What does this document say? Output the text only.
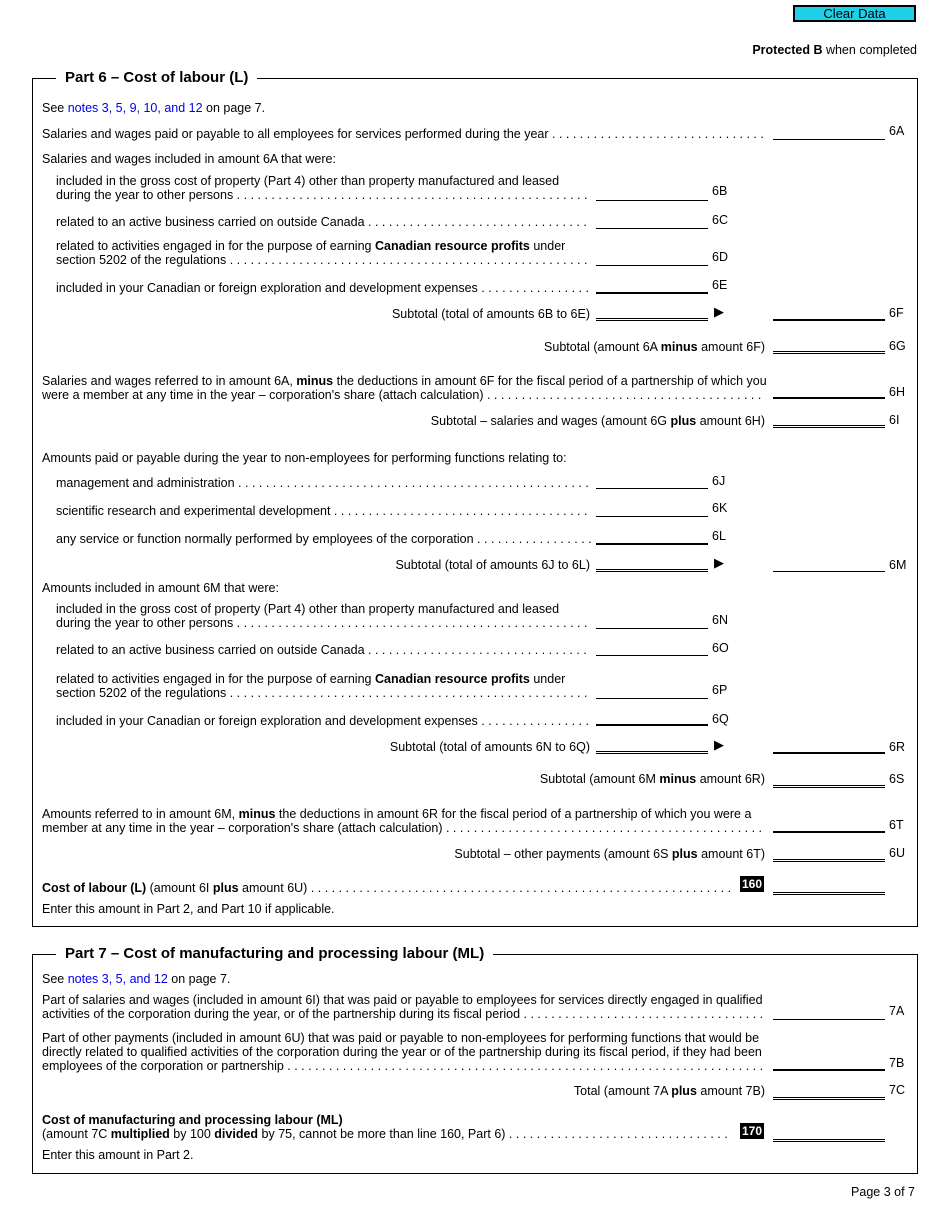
Clear Data
Protected B when completed
Part 6 – Cost of labour (L)
See notes 3, 5, 9, 10, and 12 on page 7.
Salaries and wages paid or payable to all employees for services performed during the year . . .	6A
Salaries and wages included in amount 6A that were:
included in the gross cost of property (Part 4) other than property manufactured and leased
during the year to other persons . . .	6B
related to an active business carried on outside Canada . . .	6C
related to activities engaged in for the purpose of earning Canadian resource profits under
section 5202 of the regulations . . .	6D
included in your Canadian or foreign exploration and development expenses . . .	6E
Subtotal (total of amounts 6B to 6E)	▶	6F
Subtotal (amount 6A minus amount 6F)	6G
Salaries and wages referred to in amount 6A, minus the deductions in amount 6F for the fiscal period of a partnership of which you
were a member at any time in the year – corporation's share (attach calculation) . . .	6H
Subtotal – salaries and wages (amount 6G plus amount 6H)	6I
Amounts paid or payable during the year to non-employees for performing functions relating to:
management and administration . . .	6J
scientific research and experimental development . . .	6K
any service or function normally performed by employees of the corporation . . .	6L
Subtotal (total of amounts 6J to 6L)	▶	6M
Amounts included in amount 6M that were:
included in the gross cost of property (Part 4) other than property manufactured and leased
during the year to other persons . . .	6N
related to an active business carried on outside Canada . . .	6O
related to activities engaged in for the purpose of earning Canadian resource profits under
section 5202 of the regulations . . .	6P
included in your Canadian or foreign exploration and development expenses . . .	6Q
Subtotal (total of amounts 6N to 6Q)	▶	6R
Subtotal (amount 6M minus amount 6R)	6S
Amounts referred to in amount 6M, minus the deductions in amount 6R for the fiscal period of a partnership of which you were a
member at any time in the year – corporation's share (attach calculation) . . .	6T
Subtotal – other payments (amount 6S plus amount 6T)	6U
Cost of labour (L) (amount 6I plus amount 6U) . . .	160
Enter this amount in Part 2, and Part 10 if applicable.
Part 7 – Cost of manufacturing and processing labour (ML)
See notes 3, 5, and 12 on page 7.
Part of salaries and wages (included in amount 6I) that was paid or payable to employees for services directly engaged in qualified
activities of the corporation during the year, or of the partnership during its fiscal period . . .	7A
Part of other payments (included in amount 6U) that was paid or payable to non-employees for performing functions that would be
directly related to qualified activities of the corporation during the year or of the partnership during its fiscal period, if they had been
employees of the corporation or partnership . . .	7B
Total (amount 7A plus amount 7B)	7C
Cost of manufacturing and processing labour (ML)
(amount 7C multiplied by 100 divided by 75, cannot be more than line 160, Part 6) . . .	170
Enter this amount in Part 2.
Page 3 of 7
